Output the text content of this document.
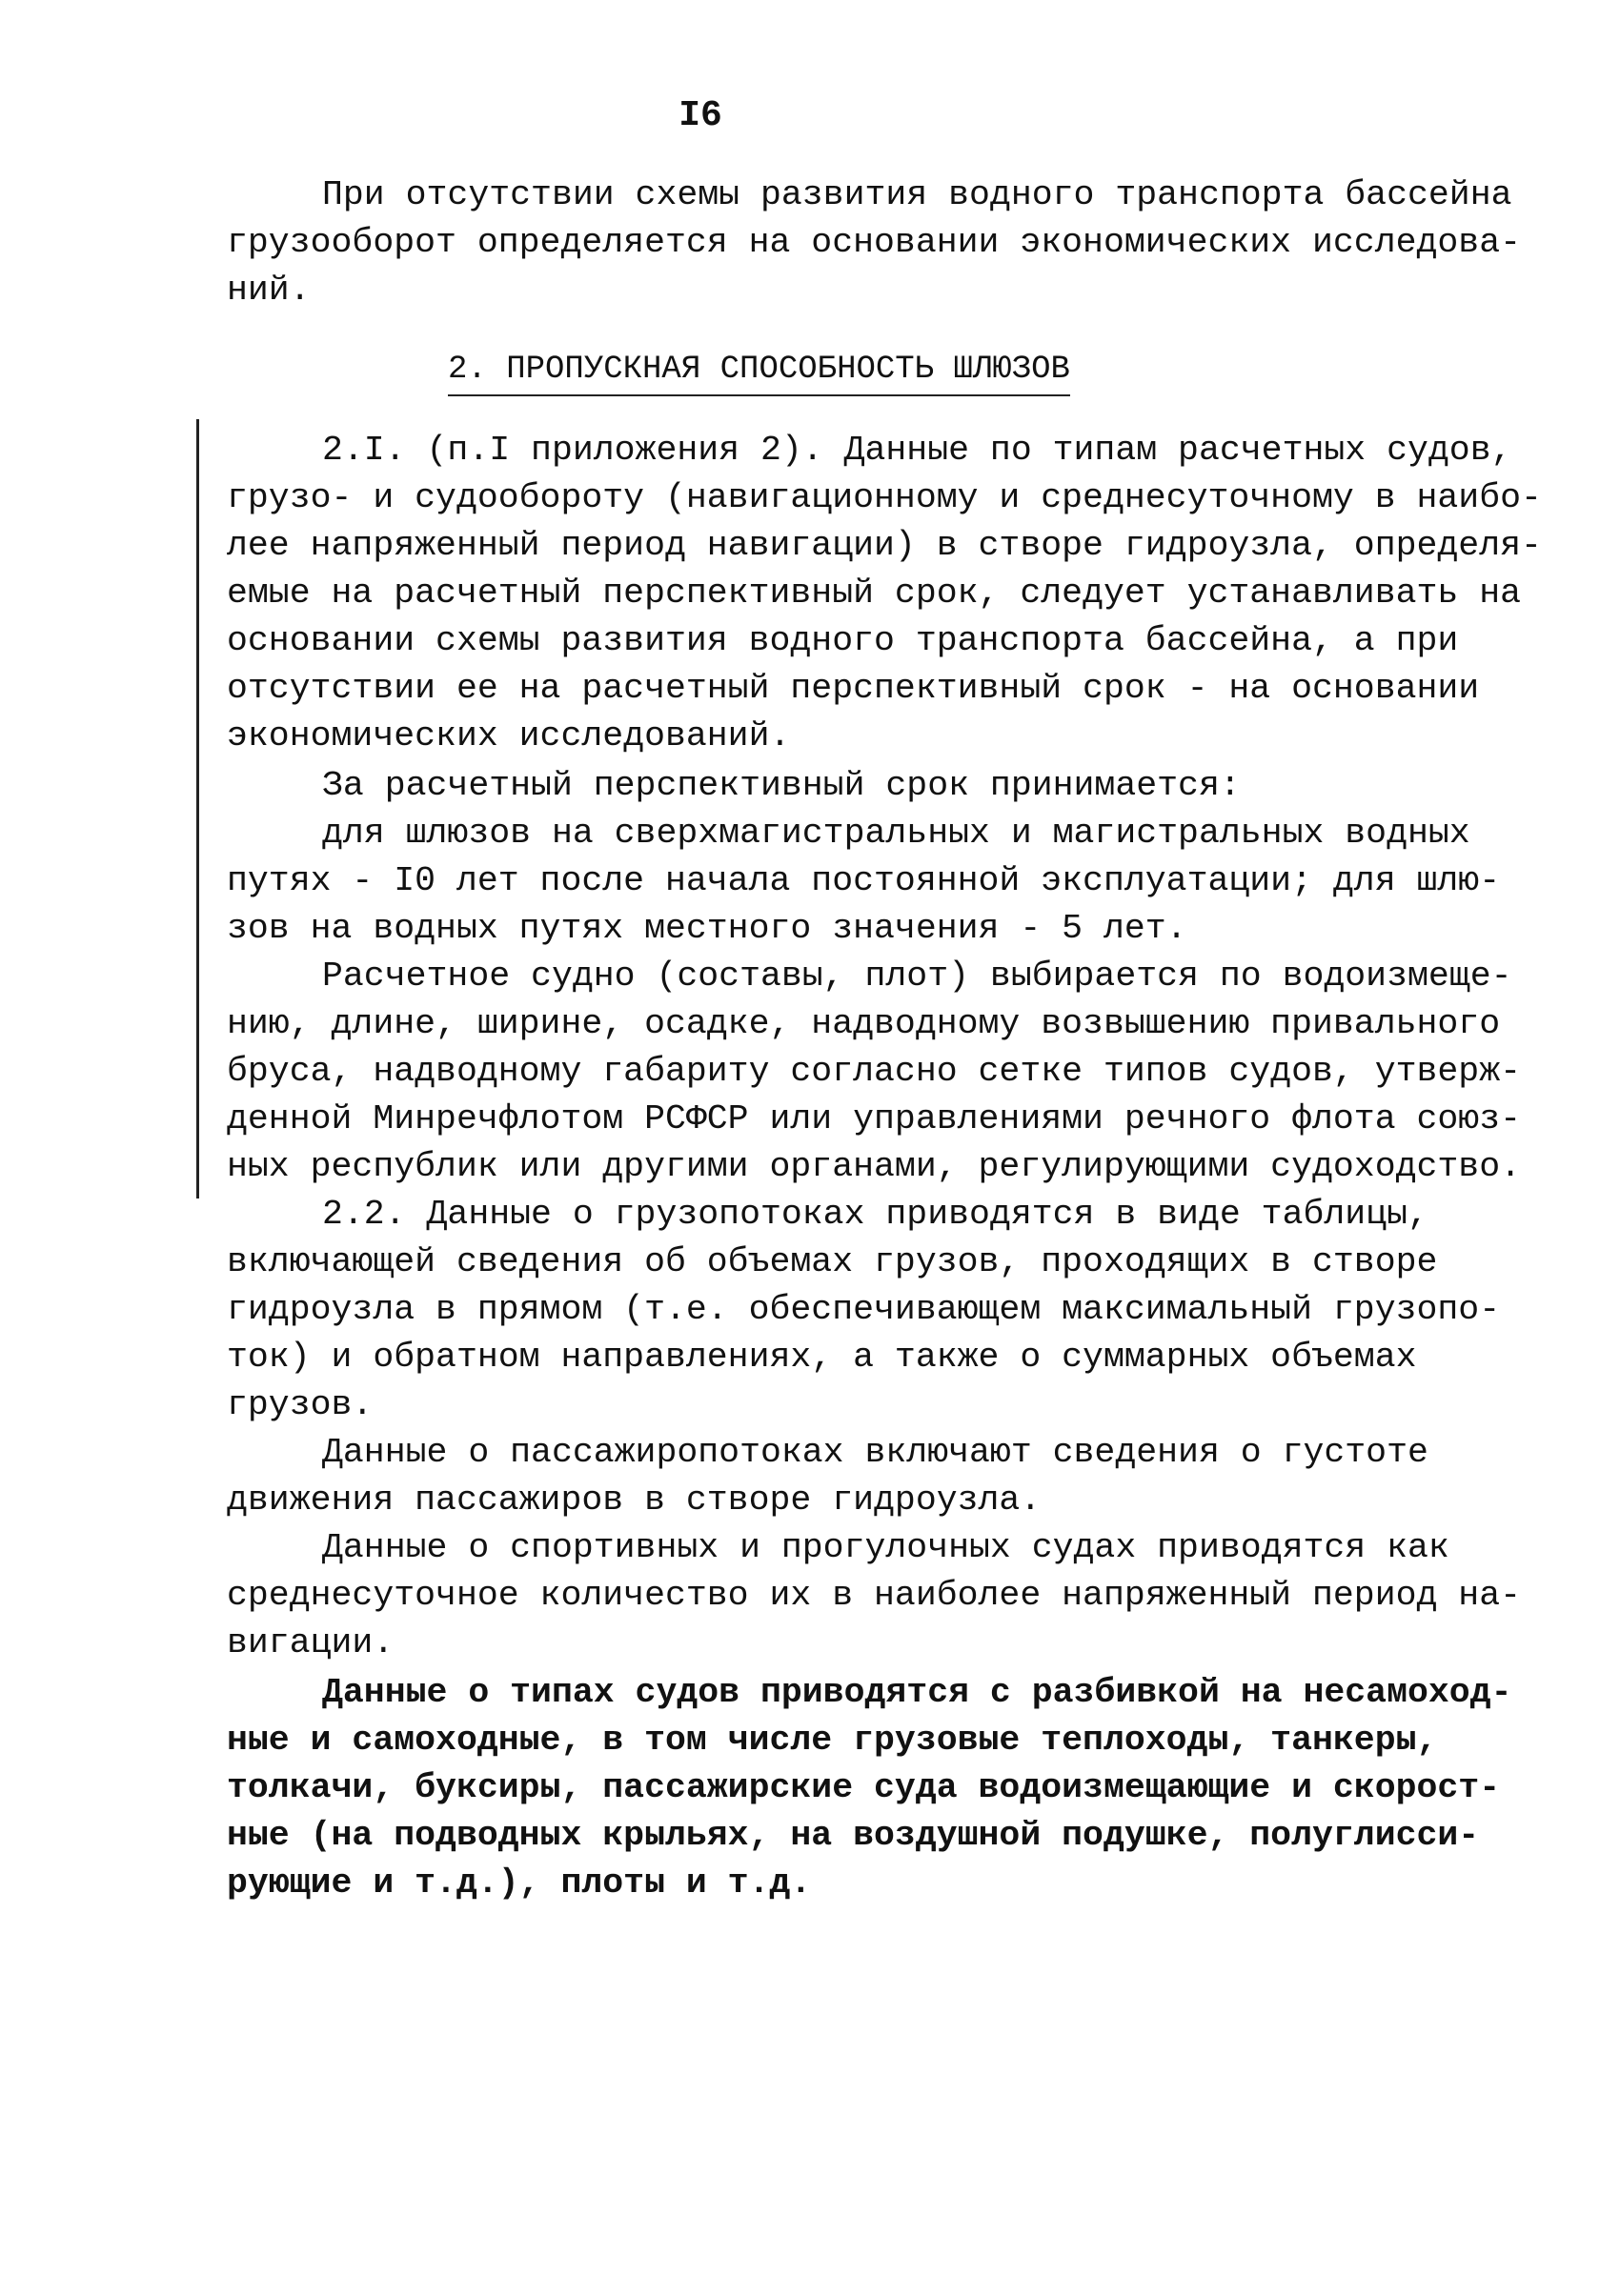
I6
При отсутствии схемы развития водного транспорта бассейна
грузооборот определяется на основании экономических исследова-
ний.
2. ПРОПУСКНАЯ СПОСОБНОСТЬ ШЛЮЗОВ
2.I. (п.I приложения 2). Данные по типам расчетных судов,
грузо- и судообороту (навигационному и среднесуточному в наибо-
лее напряженный период навигации) в створе гидроузла, определя-
емые на расчетный перспективный срок, следует устанавливать на
основании схемы развития водного транспорта бассейна, а при
отсутствии ее на расчетный перспективный срок - на основании
экономических исследований.
За расчетный перспективный срок принимается:
для шлюзов на сверхмагистральных и магистральных водных
путях - I0 лет после начала постоянной эксплуатации; для шлю-
зов на водных путях местного значения - 5 лет.
Расчетное судно (составы, плот) выбирается по водоизмеще-
нию, длине, ширине, осадке, надводному возвышению привального
бруса, надводному габариту согласно сетке типов судов, утверж-
денной Минречфлотом РСФСР или управлениями речного флота союз-
ных республик или другими органами, регулирующими судоходство.
2.2. Данные о грузопотоках приводятся в виде таблицы,
включающей сведения об объемах грузов, проходящих в створе
гидроузла в прямом (т.е. обеспечивающем максимальный грузопо-
ток) и обратном направлениях, а также о суммарных объемах
грузов.
Данные о пассажиропотоках включают сведения о густоте
движения пассажиров в створе гидроузла.
Данные о спортивных и прогулочных судах приводятся как
среднесуточное количество их в наиболее напряженный период на-
вигации.
Данные о типах судов приводятся с разбивкой на несамоход-
ные и самоходные, в том числе грузовые теплоходы, танкеры,
толкачи, буксиры, пассажирские суда водоизмещающие и скорост-
ные (на подводных крыльях, на воздушной подушке, полуглисси-
рующие и т.д.), плоты и т.д.
